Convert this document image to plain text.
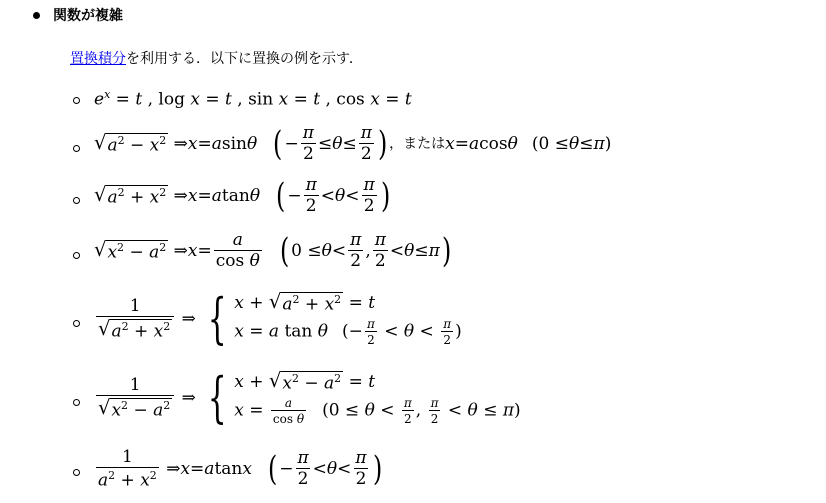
関数が複雑
置換積分を利用する．以下に置換の例を示す．
$e^x = t$ , log x = t , sin x = t , cos x = t
√ $a^2 - x^2$ ⇒ x = a sin θ ( − $\frac{\pi}{2} \le \theta \le \frac{\pi}{2}$ ) ，または x = a cos θ (0 ≤ θ ≤ π )
√ $a^2 + x^2$ ⇒ x = a tan θ ( − $\frac{\pi}{2} < \theta < \frac{\pi}{2}$ )
√ $x^2 - a^2$ ⇒ $x = \frac{a}{\text{cos θ}}$ ( $0 \le \theta < \frac{\pi}{2}$ , $\frac{\pi}{2} < \theta \le \pi$ )
$\frac{1}{√ a^2 + x^2}$ ⇒ { x + √ $a^2 + x^2 = t$
x = a tan θ (− $\frac{\pi}{2} < \theta < \frac{\pi}{2}$ )
$\frac{1}{√ x^2 - a^2}$ ⇒ { x + √ $x^2 - a^2 = t$
$x = \frac{a}{\text{cos θ}} (0 \le \theta < \frac{\pi}{2}$ , $\frac{\pi}{2} < \theta \le \pi$)
$\frac{1}{a^2 + x^2}$ ⇒ x = a tan x ( − $\frac{\pi}{2} < \theta < \frac{\pi}{2}$ )
